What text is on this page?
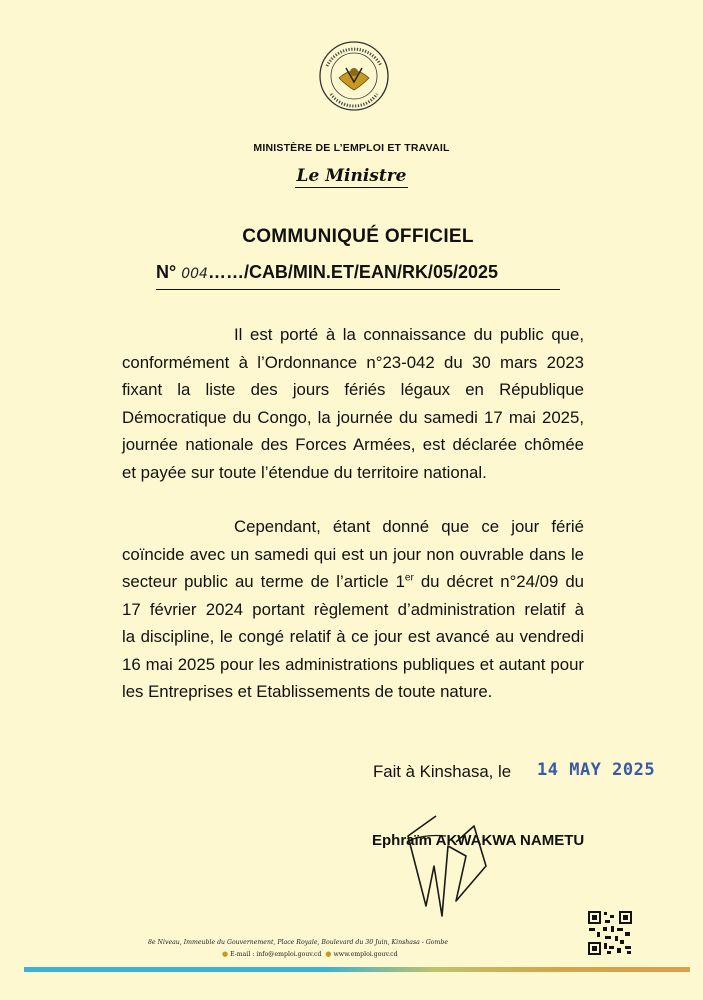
MINISTÈRE DE L’EMPLOI ET TRAVAIL
Le Ministre
COMMUNIQUÉ OFFICIEL
N° 004……/CAB/MIN.ET/EAN/RK/05/2025
Il est porté à la connaissance du public que,
conformément à l’Ordonnance n°23-042 du 30 mars 2023
fixant la liste des jours fériés légaux en République
Démocratique du Congo, la journée du samedi 17 mai 2025,
journée nationale des Forces Armées, est déclarée chômée
et payée sur toute l’étendue du territoire national.
Cependant, étant donné que ce jour férié
coïncide avec un samedi qui est un jour non ouvrable dans le
secteur public au terme de l’article 1er du décret n°24/09 du
17 février 2024 portant règlement d’administration relatif à
la discipline, le congé relatif à ce jour est avancé au vendredi
16 mai 2025 pour les administrations publiques et autant pour
les Entreprises et Etablissements de toute nature.
Fait à Kinshasa, le 14 MAY 2025
Ephraïm AKWAKWA NAMETU
8e Niveau, Immeuble du Gouvernement, Place Royale, Boulevard du 30 Juin, Kinshasa - Gombe
● E-mail : info@emploi.gouv.cd ● www.emploi.gouv.cd
